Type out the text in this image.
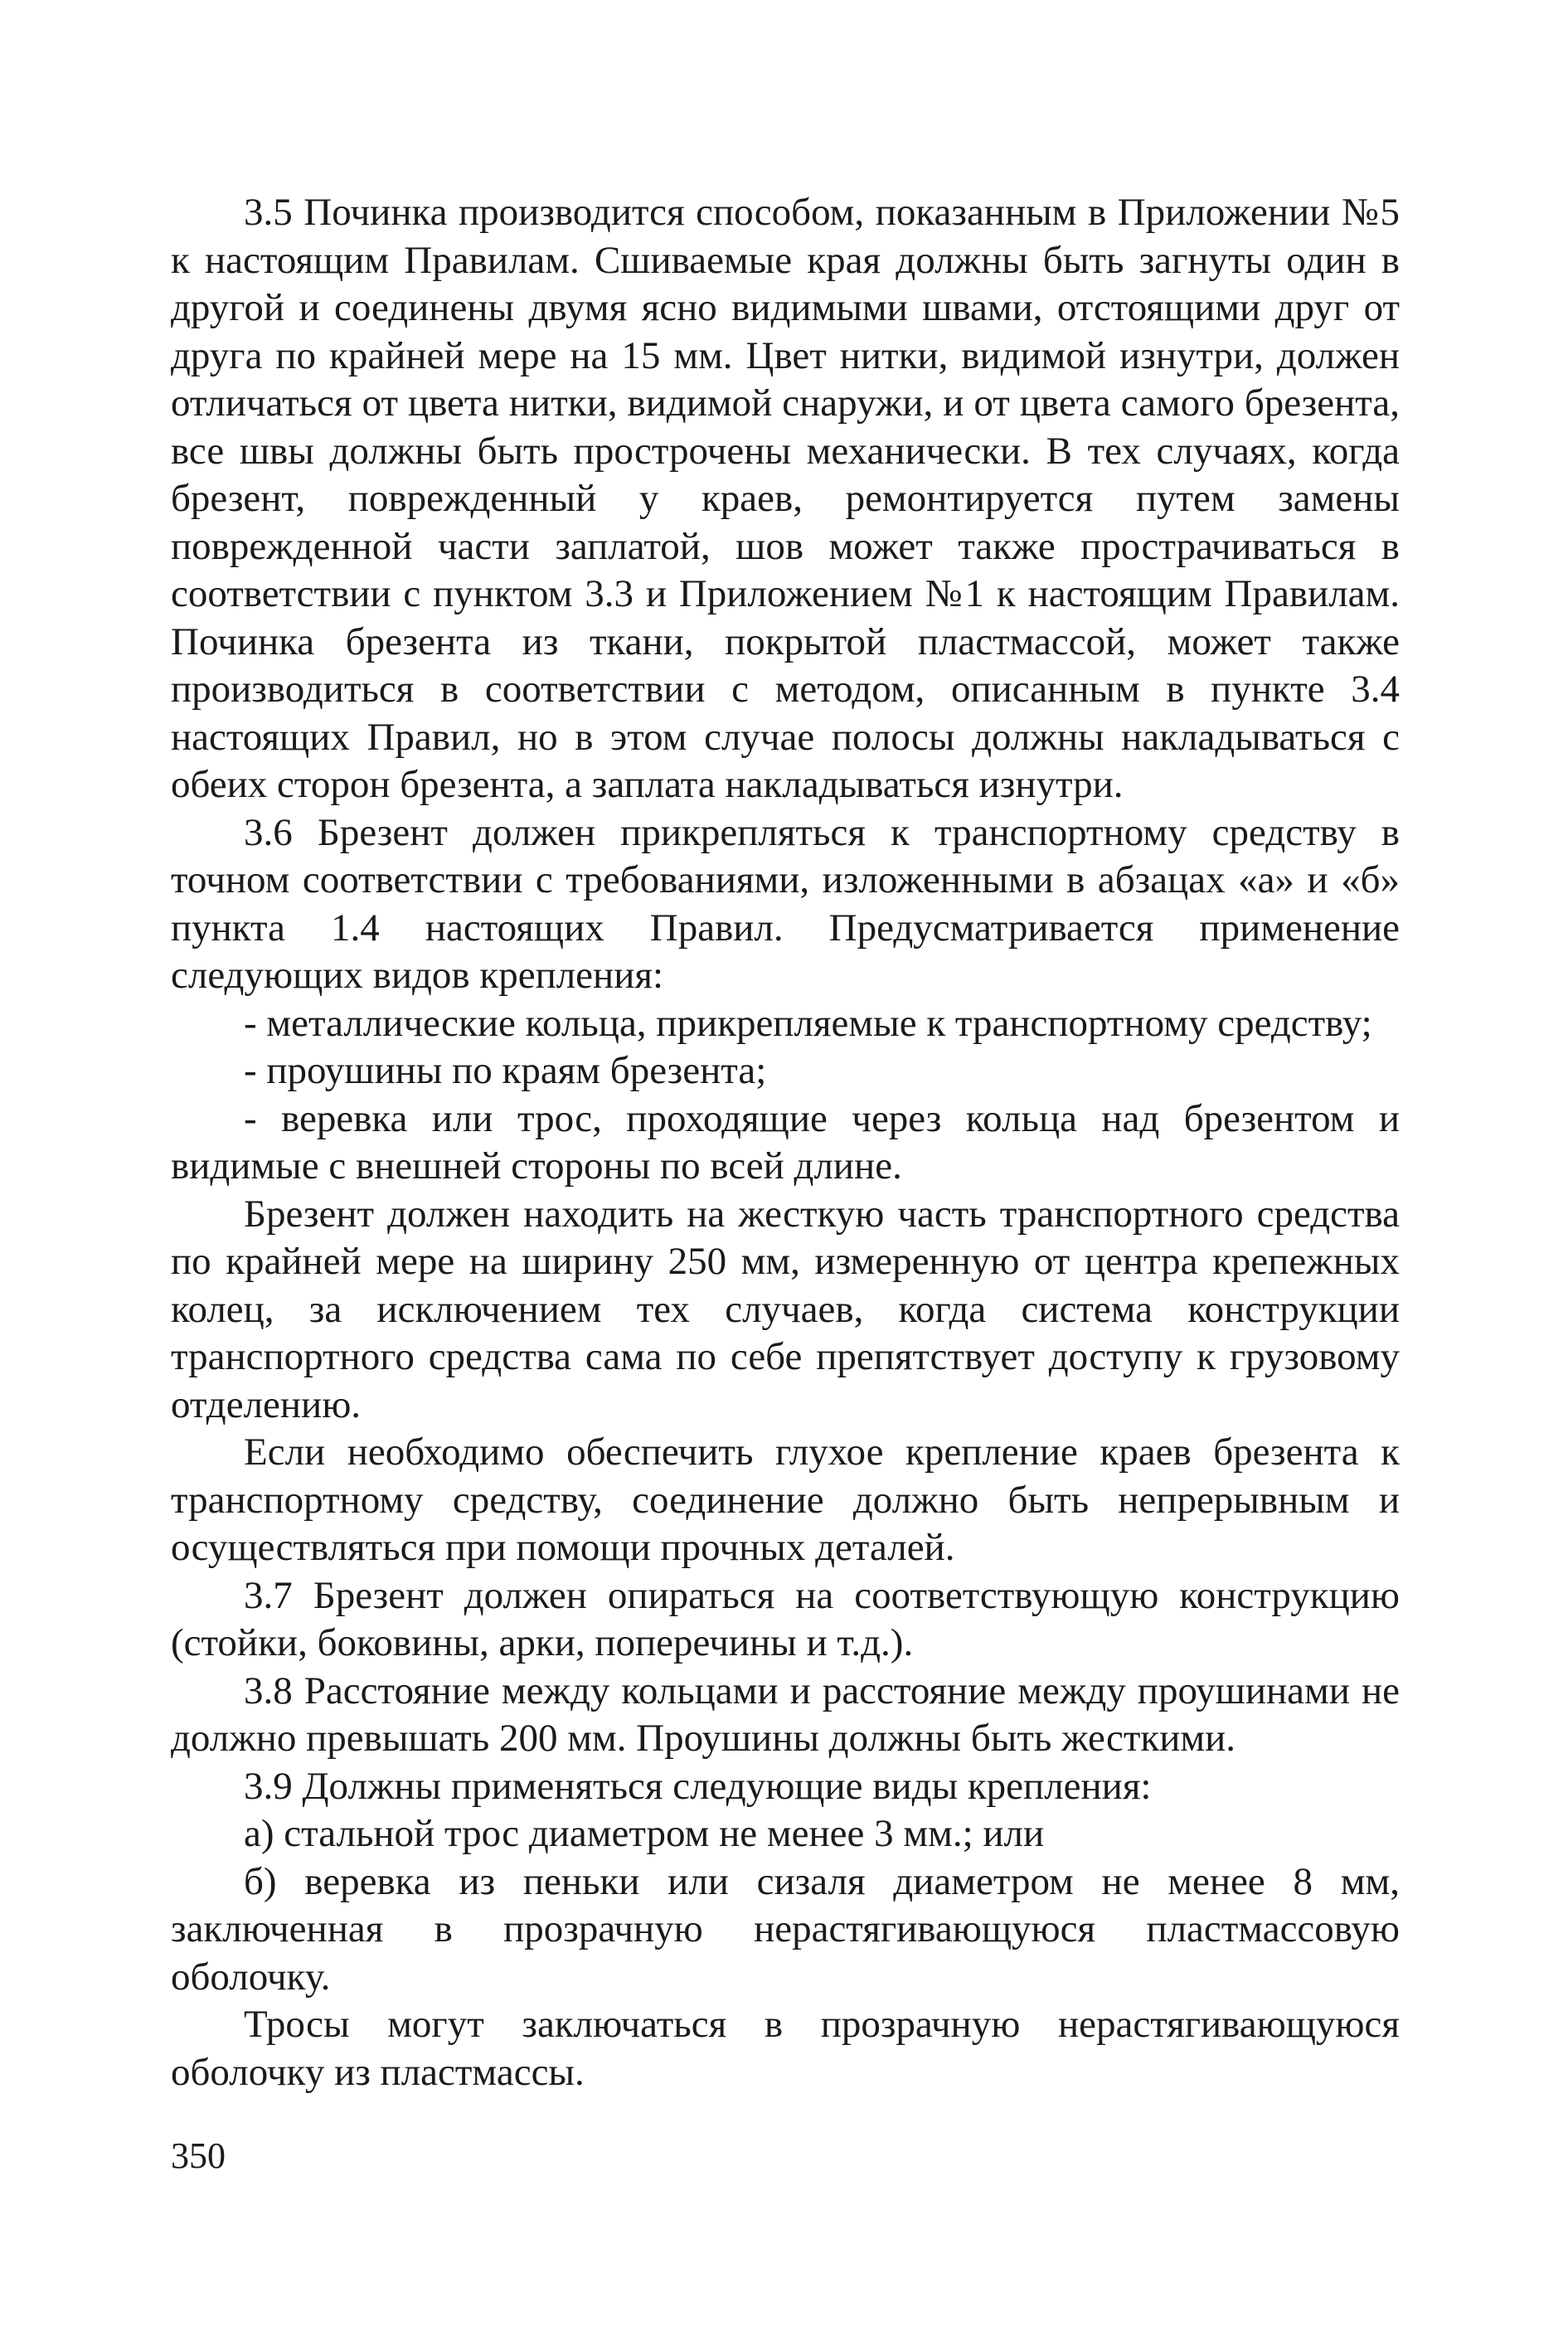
3.5 Починка производится способом, показанным в Приложении №5 к настоящим Правилам. Сшиваемые края должны быть загнуты один в другой и соединены двумя ясно видимыми швами, отстоящими друг от друга по крайней мере на 15 мм. Цвет нитки, видимой изнутри, должен отличаться от цвета нитки, видимой снаружи, и от цвета самого брезента, все швы должны быть прострочены механически. В тех случаях, когда брезент, поврежденный у краев, ремонтируется путем замены поврежденной части заплатой, шов может также прострачиваться в соответствии с пунктом 3.3 и Приложением №1 к настоящим Правилам. Починка брезента из ткани, покрытой пластмассой, может также производиться в соответствии с методом, описанным в пункте 3.4 настоящих Правил, но в этом случае полосы должны накладываться с обеих сторон брезента, а заплата накладываться изнутри.

3.6 Брезент должен прикрепляться к транспортному средству в точном соответствии с требованиями, изложенными в абзацах «а» и «б» пункта 1.4 настоящих Правил. Предусматривается применение следующих видов крепления:

- металлические кольца, прикрепляемые к транспортному средству;

- проушины по краям брезента;

- веревка или трос, проходящие через кольца над брезентом и видимые с внешней стороны по всей длине.

Брезент должен находить на жесткую часть транспортного средства по крайней мере на ширину 250 мм, измеренную от центра крепежных колец, за исключением тех случаев, когда система конструкции транспортного средства сама по себе препятствует доступу к грузовому отделению.

Если необходимо обеспечить глухое крепление краев брезента к транспортному средству, соединение должно быть непрерывным и осуществляться при помощи прочных деталей.

3.7 Брезент должен опираться на соответствующую конструкцию (стойки, боковины, арки, поперечины и т.д.).

3.8 Расстояние между кольцами и расстояние между проушинами не должно превышать 200 мм. Проушины должны быть жесткими.

3.9 Должны применяться следующие виды крепления:

а) стальной трос диаметром не менее 3 мм.; или

б) веревка из пеньки или сизаля диаметром не менее 8 мм, заключенная в прозрачную нерастягивающуюся пластмассовую оболочку.

Тросы могут заключаться в прозрачную нерастягивающуюся оболочку из пластмассы.

350
